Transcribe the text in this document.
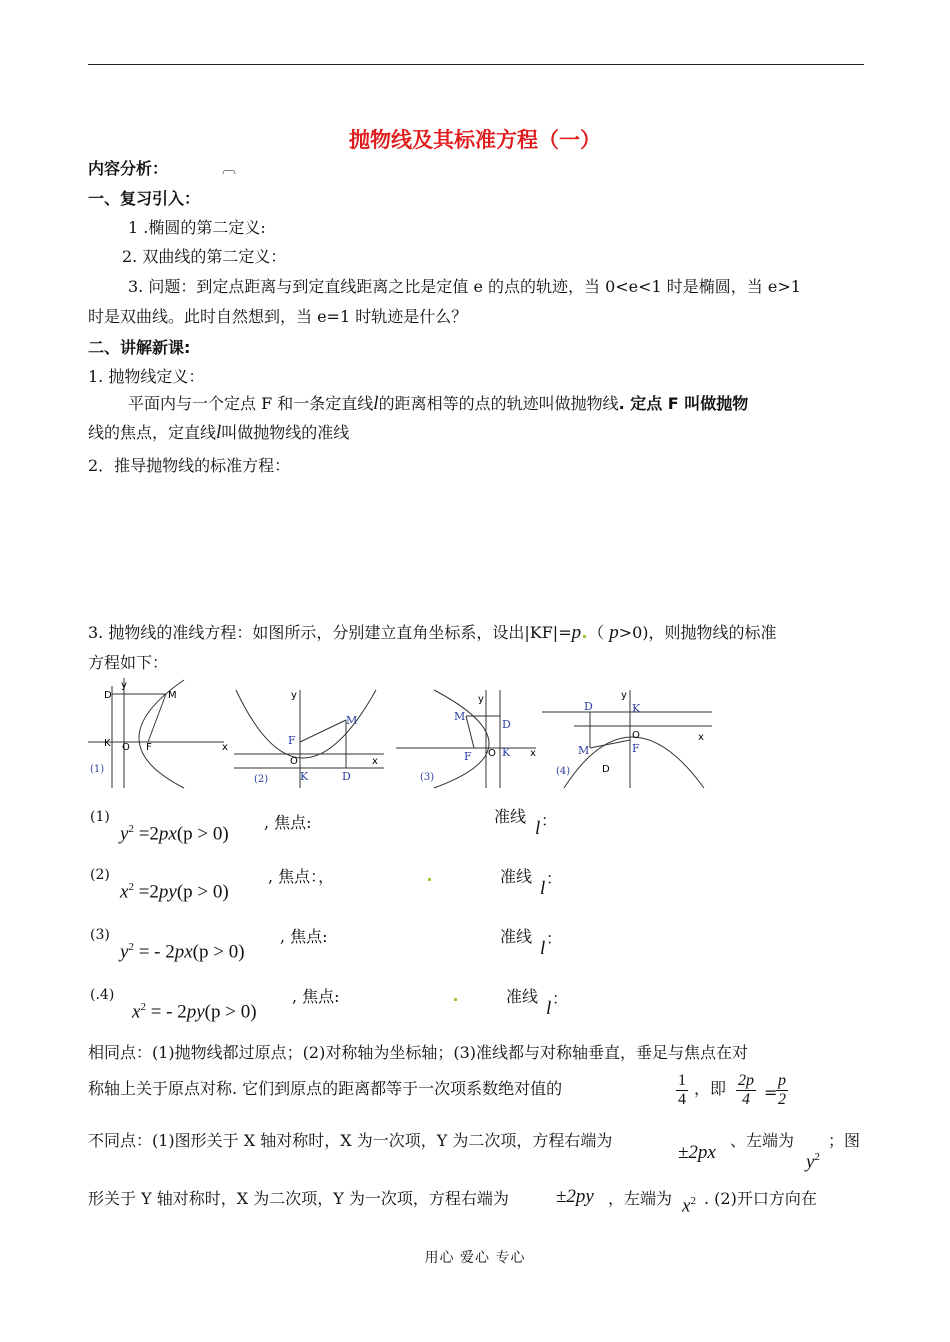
抛物线及其标准方程（一）
内容分析：	︹
一、复习引入：
1 .椭圆的第二定义:
2. 双曲线的第二定义：
3. 问题：到定点距离与到定直线距离之比是定值 e 的点的轨迹，当 0<e<1 时是椭圆，当 e>1
时是双曲线。此时自然想到，当 e=1 时轨迹是什么？
二、讲解新课:
1. 抛物线定义：
平面内与一个定点 F 和一条定直线l的距离相等的点的轨迹叫做抛物线. 定点 F 叫做抛物
线的焦点，定直线l叫做抛物线的准线
2．推导抛物线的标准方程：
3. 抛物线的准线方程：如图所示，分别建立直角坐标系，设出|KF|=p （ p>0)，则抛物线的标准
方程如下：
y
D	M
K O F	x
(1)
y
F
M
O
K	D
x
(2)
y
M
D
F O K x
(3)
y
D	K
O
F
M
D
x
(4)
(1)
$y^2 =2px(p > 0)$
, 焦点:	准线
l ：
(2)
$x^2 =2py(p > 0)$
, 焦点：，	准线
l ：
(3)
$y^2$ = - 2px(p > 0)
, 焦点:	准线
l ：
(.4)
$x^2$ = - 2py(p > 0)
, 焦点:	准线
l ：
相同点：(1)抛物线都过原点；(2)对称轴为坐标轴；(3)准线都与对称轴垂直，垂足与焦点在对
称轴上关于原点对称. 它们到原点的距离都等于一次项系数绝对值的	$\frac{1}{4}$ ，即 $\frac{2p}{4}$ =
$\frac{p}{2}$
不同点：(1)图形关于 X 轴对称时，X 为一次项，Y 为二次项，方程右端为
±2px
、左端为
$y^2$
；图
形关于 Y 轴对称时，X 为二次项，Y 为一次项，方程右端为 ±2py ，左端为 $x^2$ . (2)开口方向在
用心 爱心 专心
